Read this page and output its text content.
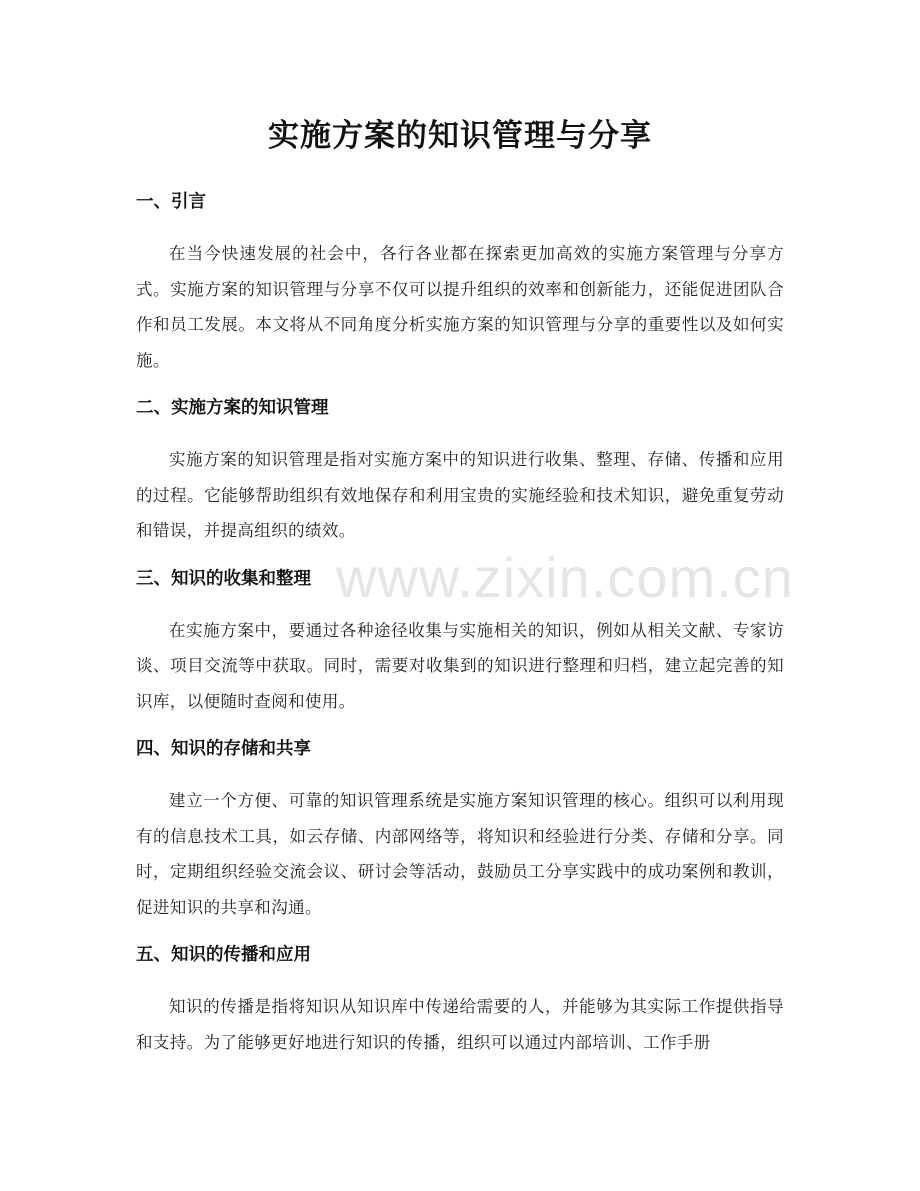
实施方案的知识管理与分享
一、引言

在当今快速发展的社会中，各行各业都在探索更加高效的实施方案管理与分享方式。实施方案的知识管理与分享不仅可以提升组织的效率和创新能力，还能促进团队合作和员工发展。本文将从不同角度分析实施方案的知识管理与分享的重要性以及如何实施。

二、实施方案的知识管理

实施方案的知识管理是指对实施方案中的知识进行收集、整理、存储、传播和应用的过程。它能够帮助组织有效地保存和利用宝贵的实施经验和技术知识，避免重复劳动和错误，并提高组织的绩效。

三、知识的收集和整理

在实施方案中，要通过各种途径收集与实施相关的知识，例如从相关文献、专家访谈、项目交流等中获取。同时，需要对收集到的知识进行整理和归档，建立起完善的知识库，以便随时查阅和使用。

四、知识的存储和共享

建立一个方便、可靠的知识管理系统是实施方案知识管理的核心。组织可以利用现有的信息技术工具，如云存储、内部网络等，将知识和经验进行分类、存储和分享。同时，定期组织经验交流会议、研讨会等活动，鼓励员工分享实践中的成功案例和教训，促进知识的共享和沟通。

五、知识的传播和应用

知识的传播是指将知识从知识库中传递给需要的人，并能够为其实际工作提供指导和支持。为了能够更好地进行知识的传播，组织可以通过内部培训、工作手册

www.zixin.com.cn
